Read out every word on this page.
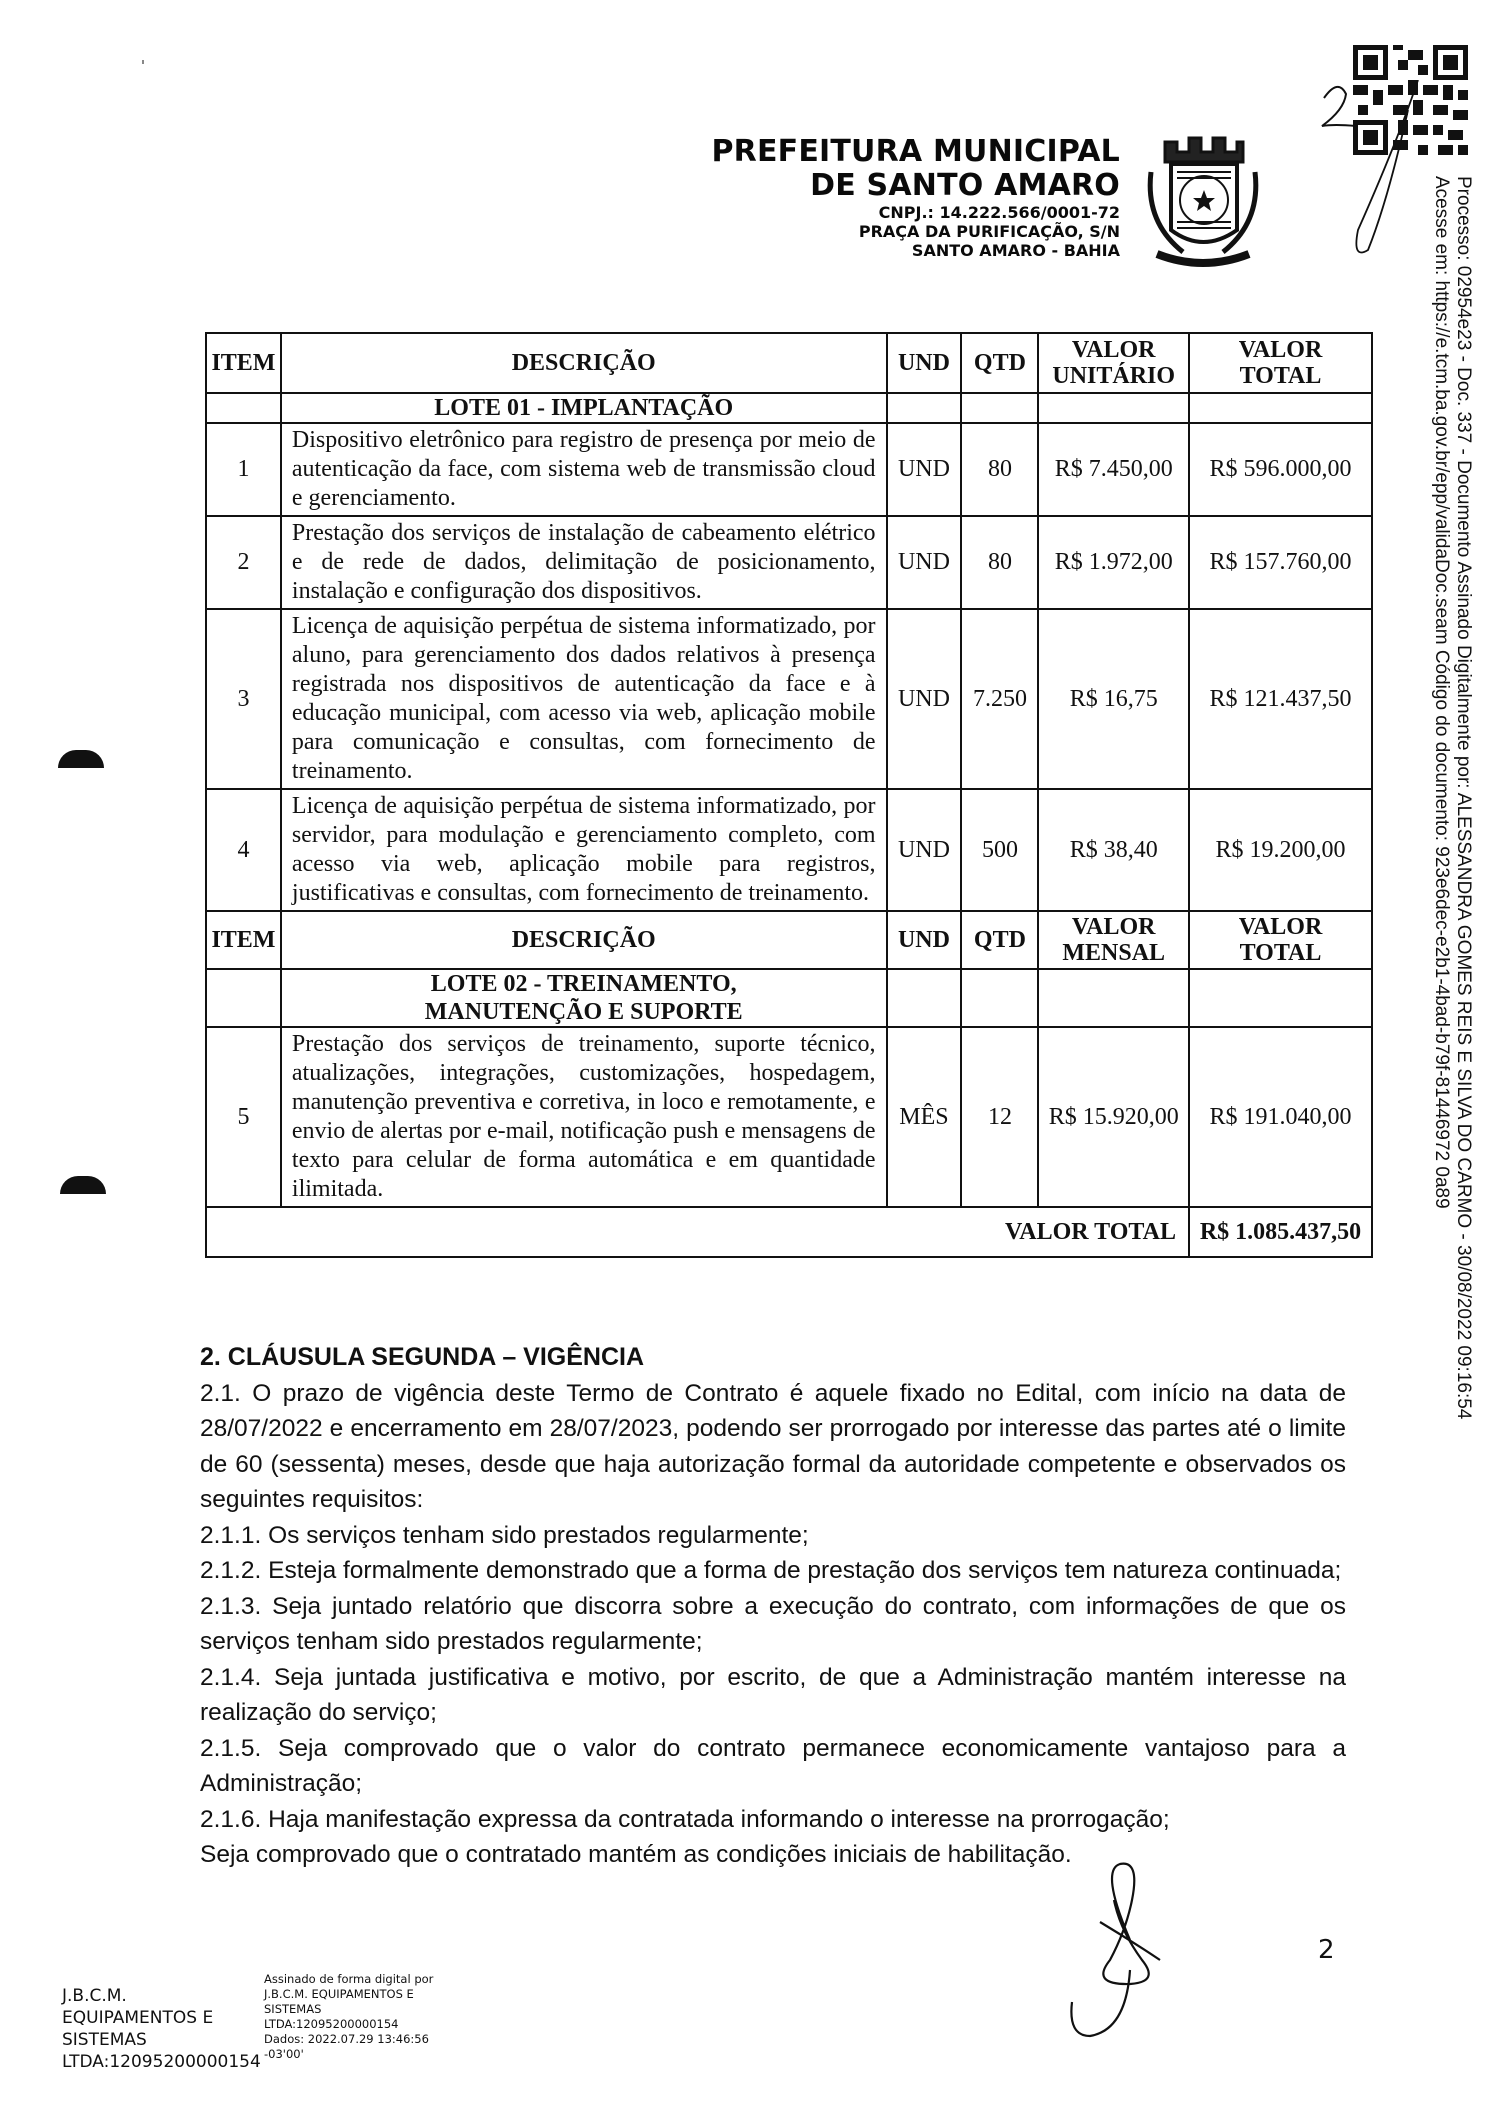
PREFEITURA MUNICIPAL
DE SANTO AMARO
CNPJ.: 14.222.566/0001-72
PRAÇA DA PURIFICAÇÃO, S/N
SANTO AMARO - BAHIA	Processo: 02954e23 - Doc. 337 - Documento Assinado Digitalmente por: ALESSANDRA GOMES REIS E SILVA DO CARMO - 30/08/2022 09:16:54
Acesse em: https://e.tcm.ba.gov.br/epp/validaDoc.seam Código do documento: 923e6dec-e2b1-4bad-b79f-81446972 0a89
ITEM	DESCRIÇÃO	UND	QTD	VALOR UNITÁRIO	VALOR TOTAL
	LOTE 01 - IMPLANTAÇÃO				
1	Dispositivo eletrônico para registro de presença por meio de autenticação da face, com sistema web de transmissão cloud e gerenciamento.	UND	80	R$ 7.450,00	R$ 596.000,00
2	Prestação dos serviços de instalação de cabeamento elétrico e de rede de dados, delimitação de posicionamento, instalação e configuração dos dispositivos.	UND	80	R$ 1.972,00	R$ 157.760,00
3	Licença de aquisição perpétua de sistema informatizado, por aluno, para gerenciamento dos dados relativos à presença registrada nos dispositivos de autenticação da face e à educação municipal, com acesso via web, aplicação mobile para comunicação e consultas, com fornecimento de treinamento.	UND	7.250	R$ 16,75	R$ 121.437,50
4	Licença de aquisição perpétua de sistema informatizado, por servidor, para modulação e gerenciamento completo, com acesso via web, aplicação mobile para registros, justificativas e consultas, com fornecimento de treinamento.	UND	500	R$ 38,40	R$ 19.200,00
ITEM	DESCRIÇÃO	UND	QTD	VALOR MENSAL	VALOR TOTAL
	LOTE 02 - TREINAMENTO, MANUTENÇÃO E SUPORTE				
5	Prestação dos serviços de treinamento, suporte técnico, atualizações, integrações, customizações, hospedagem, manutenção preventiva e corretiva, in loco e remotamente, e envio de alertas por e-mail, notificação push e mensagens de texto para celular de forma automática e em quantidade ilimitada.	MÊS	12	R$ 15.920,00	R$ 191.040,00
VALOR TOTAL					R$ 1.085.437,50

2. CLÁUSULA SEGUNDA – VIGÊNCIA

2.1. O prazo de vigência deste Termo de Contrato é aquele fixado no Edital, com início na data de 28/07/2022 e encerramento em 28/07/2023, podendo ser prorrogado por interesse das partes até o limite de 60 (sessenta) meses, desde que haja autorização formal da autoridade competente e observados os seguintes requisitos:

2.1.1. Os serviços tenham sido prestados regularmente;

2.1.2. Esteja formalmente demonstrado que a forma de prestação dos serviços tem natureza continuada;

2.1.3. Seja juntado relatório que discorra sobre a execução do contrato, com informações de que os serviços tenham sido prestados regularmente;

2.1.4. Seja juntada justificativa e motivo, por escrito, de que a Administração mantém interesse na realização do serviço;

2.1.5. Seja comprovado que o valor do contrato permanece economicamente vantajoso para a Administração;

2.1.6. Haja manifestação expressa da contratada informando o interesse na prorrogação;

Seja comprovado que o contratado mantém as condições iniciais de habilitação.

2
J.B.C.M.
EQUIPAMENTOS E
SISTEMAS
LTDA:12095200000154
Assinado de forma digital por
J.B.C.M. EQUIPAMENTOS E
SISTEMAS
LTDA:12095200000154
Dados: 2022.07.29 13:46:56
-03'00'
